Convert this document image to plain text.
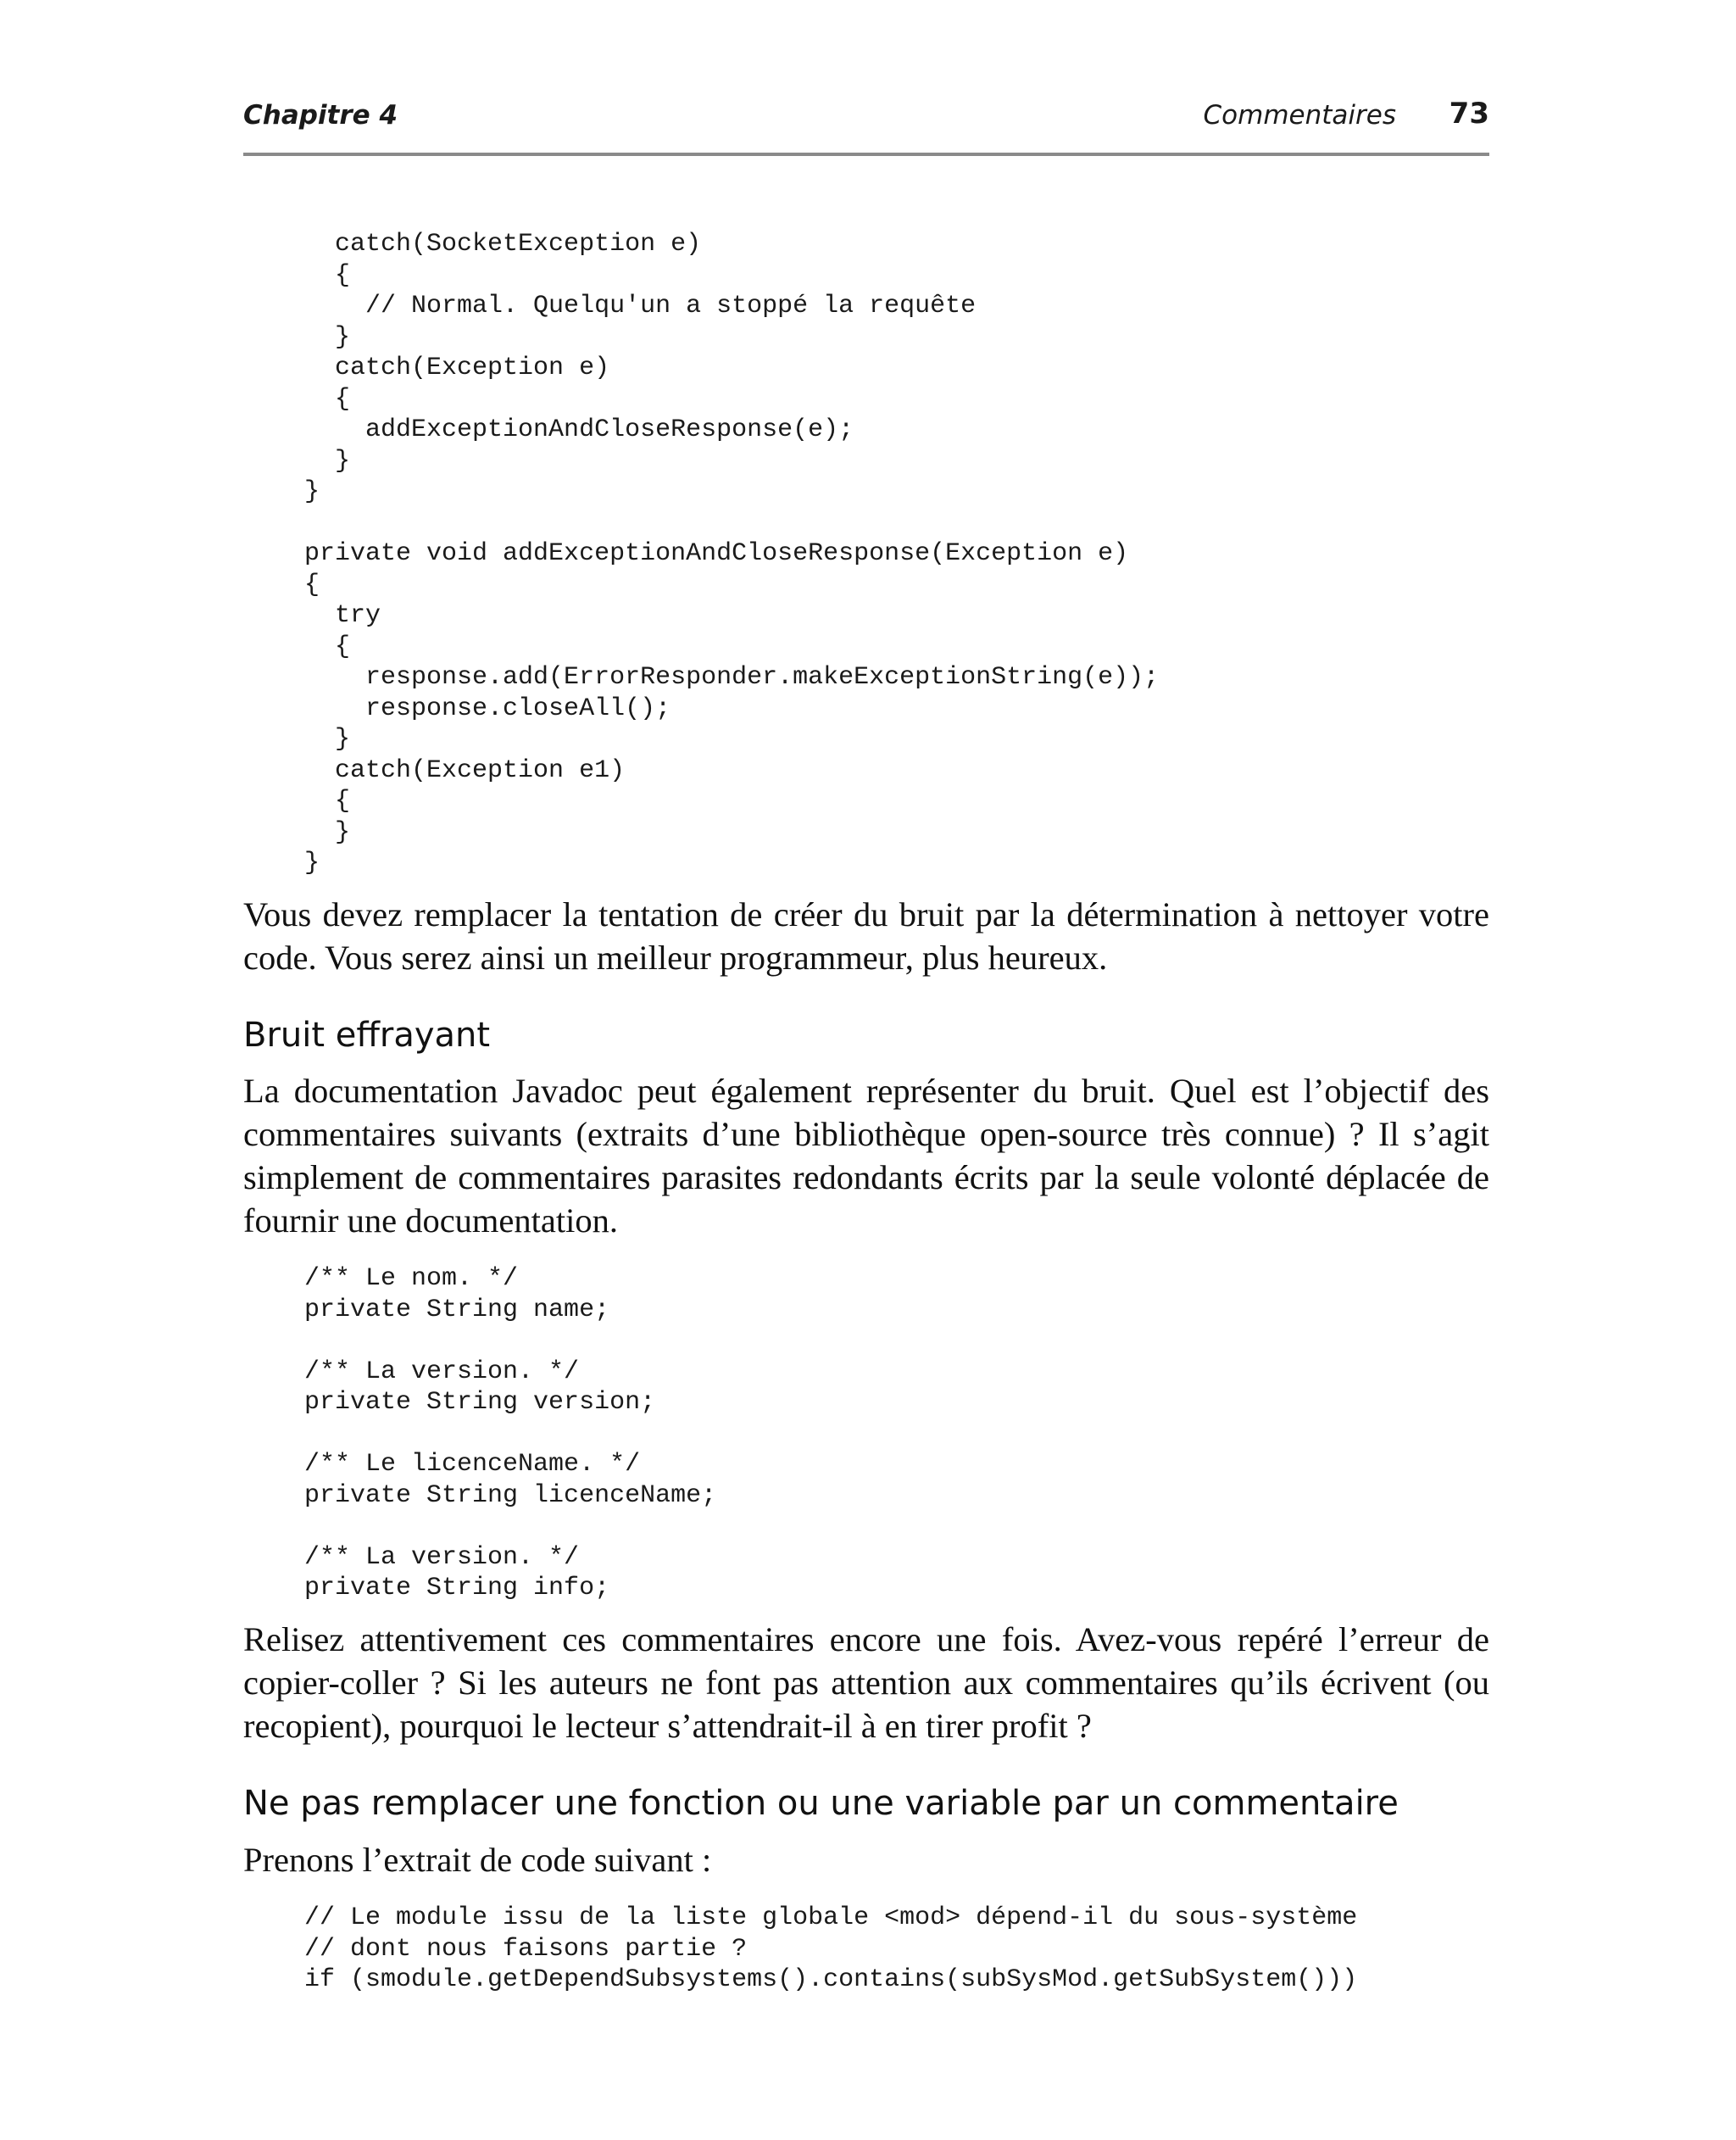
Chapitre 4	Commentaires 73
catch(SocketException e)
{
// Normal. Quelqu'un a stoppé la requête
}
catch(Exception e)
{
addExceptionAndCloseResponse(e);
}
}

private void addExceptionAndCloseResponse(Exception e)
{
try
{
response.add(ErrorResponder.makeExceptionString(e));
response.closeAll();
}
catch(Exception e1)
{
}
}

Vous devez remplacer la tentation de créer du bruit par la détermination à nettoyer votre code. Vous serez ainsi un meilleur programmeur, plus heureux.

Bruit effrayant

La documentation Javadoc peut également représenter du bruit. Quel est l’objectif des commentaires suivants (extraits d’une bibliothèque open-source très connue) ? Il s’agit simplement de commentaires parasites redondants écrits par la seule volonté déplacée de fournir une documentation.

/** Le nom. */
private String name;

/** La version. */
private String version;

/** Le licenceName. */
private String licenceName;

/** La version. */
private String info;

Relisez attentivement ces commentaires encore une fois. Avez-vous repéré l’erreur de copier-coller ? Si les auteurs ne font pas attention aux commentaires qu’ils écrivent (ou recopient), pourquoi le lecteur s’attendrait-il à en tirer profit ?

Ne pas remplacer une fonction ou une variable par un commentaire

Prenons l’extrait de code suivant :

// Le module issu de la liste globale <mod> dépend-il du sous-système
// dont nous faisons partie ?
if (smodule.getDependSubsystems().contains(subSysMod.getSubSystem()))
